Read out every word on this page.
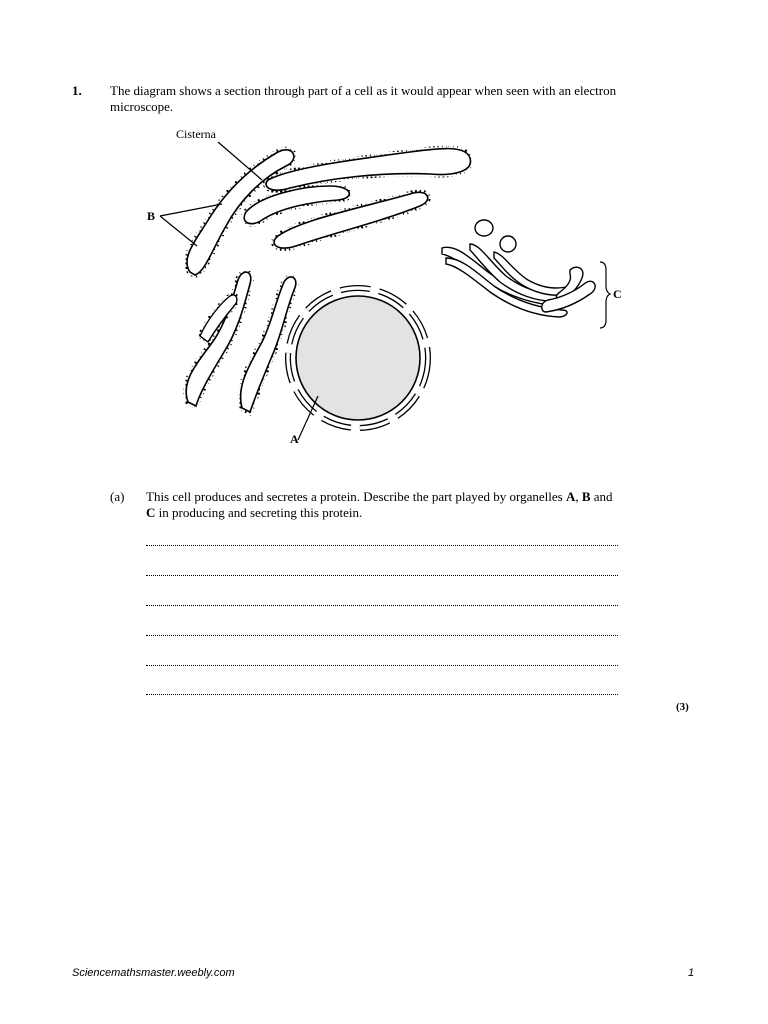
1. The diagram shows a section through part of a cell as it would appear when seen with an electron microscope.
Cisterna
B
A
C
(a) This cell produces and secretes a protein. Describe the part played by organelles A, B and
C in producing and secreting this protein.
(3)
Sciencemathsmaster.weebly.com	1
